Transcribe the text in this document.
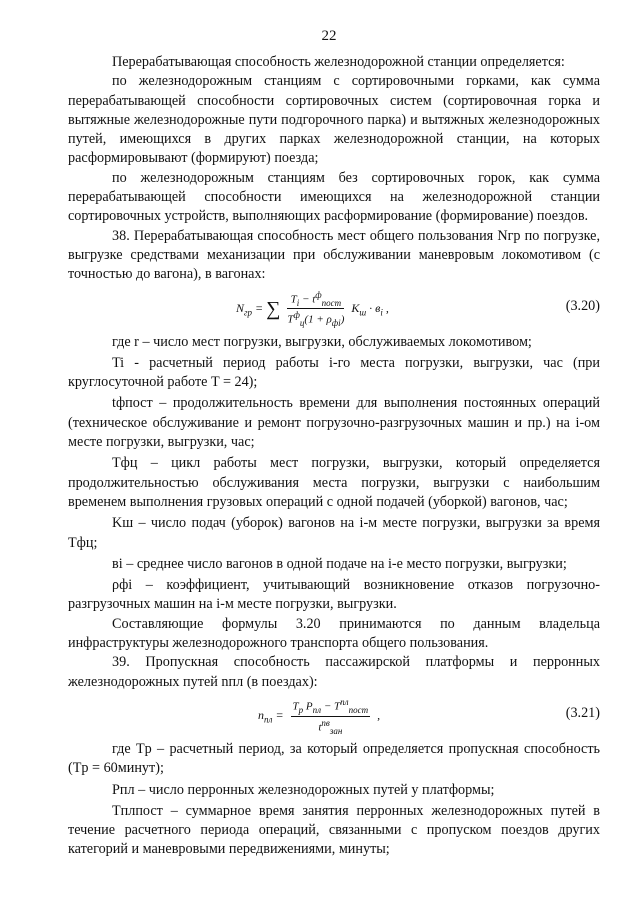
22

Перерабатывающая способность железнодорожной станции определяется:

по железнодорожным станциям с сортировочными горками, как сумма перерабатывающей способности сортировочных систем (сортировочная горка и вытяжные железнодорожные пути подгорочного парка) и вытяжных железнодорожных путей, имеющихся в других парках железнодорожной станции, на которых расформировывают (формируют) поезда;

по железнодорожным станциям без сортировочных горок, как сумма перерабатывающей способности имеющихся на железнодорожной станции сортировочных устройств, выполняющих расформирование (формирование) поездов.

38. Перерабатывающая способность мест общего пользования Nгр по погрузке, выгрузке средствами механизации при обслуживании маневровым локомотивом (с точностью до вагона), в вагонах:

$N_{гр}$ = ∑ $\frac{T_i - t^ф_{пост}}{T^ф_ц(1 + \rho_{фi})} K_ш \cdot в_i$ ,	(3.20)

где r – число мест погрузки, выгрузки, обслуживаемых локомотивом;

Ti - расчетный период работы i-го места погрузки, выгрузки, час (при круглосуточной работе T = 24);

tфпост – продолжительность времени для выполнения постоянных операций (техническое обслуживание и ремонт погрузочно-разгрузочных машин и пр.) на i-ом месте погрузки, выгрузки, час;

Tфц – цикл работы мест погрузки, выгрузки, который определяется продолжительностью обслуживания места погрузки, выгрузки с наибольшим временем выполнения грузовых операций с одной подачей (уборкой) вагонов, час;

Kш – число подач (уборок) вагонов на i-м месте погрузки, выгрузки за время Tфц;

вi – среднее число вагонов в одной подаче на i-е место погрузки, выгрузки;

ρфi – коэффициент, учитывающий возникновение отказов погрузочно-разгрузочных машин на i-м месте погрузки, выгрузки.

Составляющие формулы 3.20 принимаются по данным владельца инфраструктуры железнодорожного транспорта общего пользования.

39. Пропускная способность пассажирской платформы и перронных железнодорожных путей nпл (в поездах):

$n_{пл} = \frac{T_р P_{пл} - T^{пл}_{пост}}{t^{пв}_{зан}}$ ,	(3.21)

где Tр – расчетный период, за который определяется пропускная способность (Tр = 60минут);

Pпл – число перронных железнодорожных путей у платформы;

Tплпост – суммарное время занятия перронных железнодорожных путей в течение расчетного периода операций, связанными с пропуском поездов других категорий и маневровыми передвижениями, минуты;
